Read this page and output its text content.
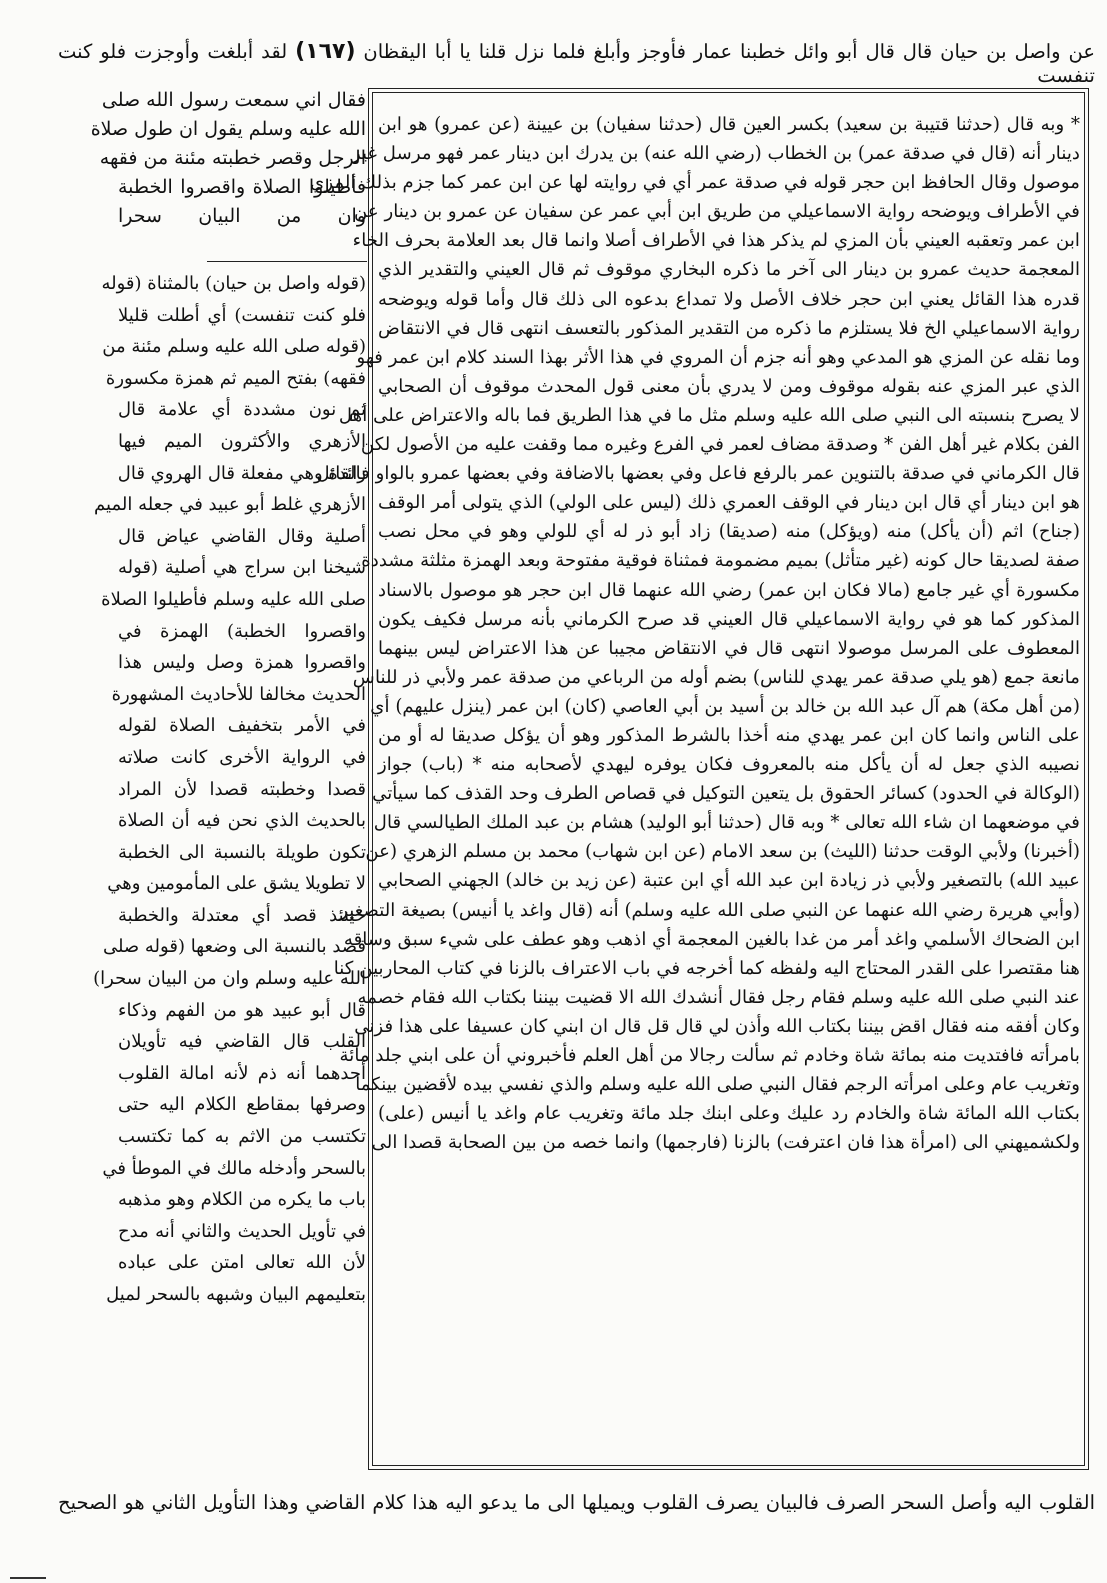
عن واصل بن حيان قال قال أبو وائل خطبنا عمار فأوجز وأبلغ فلما نزل قلنا يا أبا اليقظان (١٦٧) لقد أبلغت وأوجزت فلو كنت تنفست
* وبه قال (حدثنا قتيبة بن سعيد) بكسر العين قال (حدثنا سفيان) بن عيينة (عن عمرو) هو ابن
دينار أنه (قال في صدقة عمر) بن الخطاب (رضي الله عنه) بن يدرك ابن دينار عمر فهو مرسل غير
موصول وقال الحافظ ابن حجر قوله في صدقة عمر أي في روايته لها عن ابن عمر كما جزم بذلك المزي
في الأطراف ويوضحه رواية الاسماعيلي من طريق ابن أبي عمر عن سفيان عن عمرو بن دينار عن
ابن عمر وتعقبه العيني بأن المزي لم يذكر هذا في الأطراف أصلا وانما قال بعد العلامة بحرف الخاء
المعجمة حديث عمرو بن دينار الى آخر ما ذكره البخاري موقوف ثم قال العيني والتقدير الذي
قدره هذا القائل يعني ابن حجر خلاف الأصل ولا تمداع بدعوه الى ذلك قال وأما قوله ويوضحه
رواية الاسماعيلي الخ فلا يستلزم ما ذكره من التقدير المذكور بالتعسف انتهى قال في الانتقاض
وما نقله عن المزي هو المدعي وهو أنه جزم أن المروي في هذا الأثر بهذا السند كلام ابن عمر فهو
الذي عبر المزي عنه بقوله موقوف ومن لا يدري بأن معنى قول المحدث موقوف أن الصحابي
لا يصرح بنسبته الى النبي صلى الله عليه وسلم مثل ما في هذا الطريق فما باله والاعتراض على أهل
الفن بكلام غير أهل الفن * وصدقة مضاف لعمر في الفرع وغيره مما وقفت عليه من الأصول لكن
قال الكرماني في صدقة بالتنوين عمر بالرفع فاعل وفي بعضها بالاضافة وفي بعضها عمرو بالواو فالقائل
هو ابن دينار أي قال ابن دينار في الوقف العمري ذلك (ليس على الولي) الذي يتولى أمر الوقف
(جناح) اثم (أن يأكل) منه (ويؤكل) منه (صديقا) زاد أبو ذر له أي للولي وهو في محل نصب
صفة لصديقا حال كونه (غير متأثل) بميم مضمومة فمثناة فوقية مفتوحة وبعد الهمزة مثلثة مشددة
مكسورة أي غير جامع (مالا فكان ابن عمر) رضي الله عنهما قال ابن حجر هو موصول بالاسناد
المذكور كما هو في رواية الاسماعيلي قال العيني قد صرح الكرماني بأنه مرسل فكيف يكون
المعطوف على المرسل موصولا انتهى قال في الانتقاض مجيبا عن هذا الاعتراض ليس بينهما
مانعة جمع (هو يلي صدقة عمر يهدي للناس) بضم أوله من الرباعي من صدقة عمر ولأبي ذر للناس
(من أهل مكة) هم آل عبد الله بن خالد بن أسيد بن أبي العاصي (كان) ابن عمر (ينزل عليهم) أي
على الناس وانما كان ابن عمر يهدي منه أخذا بالشرط المذكور وهو أن يؤكل صديقا له أو من
نصيبه الذي جعل له أن يأكل منه بالمعروف فكان يوفره ليهدي لأصحابه منه * (باب) جواز
(الوكالة في الحدود) كسائر الحقوق بل يتعين التوكيل في قصاص الطرف وحد القذف كما سيأتي
في موضعهما ان شاء الله تعالى * وبه قال (حدثنا أبو الوليد) هشام بن عبد الملك الطيالسي قال
(أخبرنا) ولأبي الوقت حدثنا (الليث) بن سعد الامام (عن ابن شهاب) محمد بن مسلم الزهري (عن
عبيد الله) بالتصغير ولأبي ذر زيادة ابن عبد الله أي ابن عتبة (عن زيد بن خالد) الجهني الصحابي
(وأبي هريرة رضي الله عنهما عن النبي صلى الله عليه وسلم) أنه (قال واغد يا أنيس) بصيغة التصغير
ابن الضحاك الأسلمي واغد أمر من غدا بالغين المعجمة أي اذهب وهو عطف على شيء سبق وساقه
هنا مقتصرا على القدر المحتاج اليه ولفظه كما أخرجه في باب الاعتراف بالزنا في كتاب المحاربين كنا
عند النبي صلى الله عليه وسلم فقام رجل فقال أنشدك الله الا قضيت بيننا بكتاب الله فقام خصمه
وكان أفقه منه فقال اقض بيننا بكتاب الله وأذن لي قال قل قال ان ابني كان عسيفا على هذا فزنى
بامرأته فافتديت منه بمائة شاة وخادم ثم سألت رجالا من أهل العلم فأخبروني أن على ابني جلد مائة
وتغريب عام وعلى امرأته الرجم فقال النبي صلى الله عليه وسلم والذي نفسي بيده لأقضين بينكما
بكتاب الله المائة شاة والخادم رد عليك وعلى ابنك جلد مائة وتغريب عام واغد يا أنيس (على)
ولكشميهني الى (امرأة هذا فان اعترفت) بالزنا (فارجمها) وانما خصه من بين الصحابة قصدا الى
فقال اني سمعت رسول الله صلى
الله عليه وسلم يقول ان طول صلاة
الرجل وقصر خطبته مئنة من فقهه
فأطيلوا الصلاة واقصروا الخطبة
وان من البيان سحرا
(قوله واصل بن حيان) بالمثناة (قوله
فلو كنت تنفست) أي أطلت قليلا
(قوله صلى الله عليه وسلم مئنة من
فقهه) بفتح الميم ثم همزة مكسورة
ثم نون مشددة أي علامة قال
الأزهري والأكثرون الميم فيها
زائدة وهي مفعلة قال الهروي قال
الأزهري غلط أبو عبيد في جعله الميم
أصلية وقال القاضي عياض قال
شيخنا ابن سراج هي أصلية (قوله
صلى الله عليه وسلم فأطيلوا الصلاة
واقصروا الخطبة) الهمزة في
واقصروا همزة وصل وليس هذا
الحديث مخالفا للأحاديث المشهورة
في الأمر بتخفيف الصلاة لقوله
في الرواية الأخرى كانت صلاته
قصدا وخطبته قصدا لأن المراد
بالحديث الذي نحن فيه أن الصلاة
تكون طويلة بالنسبة الى الخطبة
لا تطويلا يشق على المأمومين وهي
حينئذ قصد أي معتدلة والخطبة
قصد بالنسبة الى وضعها (قوله صلى
الله عليه وسلم وان من البيان سحرا)
قال أبو عبيد هو من الفهم وذكاء
القلب قال القاضي فيه تأويلان
أحدهما أنه ذم لأنه امالة القلوب
وصرفها بمقاطع الكلام اليه حتى
تكتسب من الاثم به كما تكتسب
بالسحر وأدخله مالك في الموطأ في
باب ما يكره من الكلام وهو مذهبه
في تأويل الحديث والثاني أنه مدح
لأن الله تعالى امتن على عباده
بتعليمهم البيان وشبهه بالسحر لميل
القلوب اليه وأصل السحر الصرف فالبيان يصرف القلوب ويميلها الى ما يدعو اليه هذا كلام القاضي وهذا التأويل الثاني هو الصحيح
